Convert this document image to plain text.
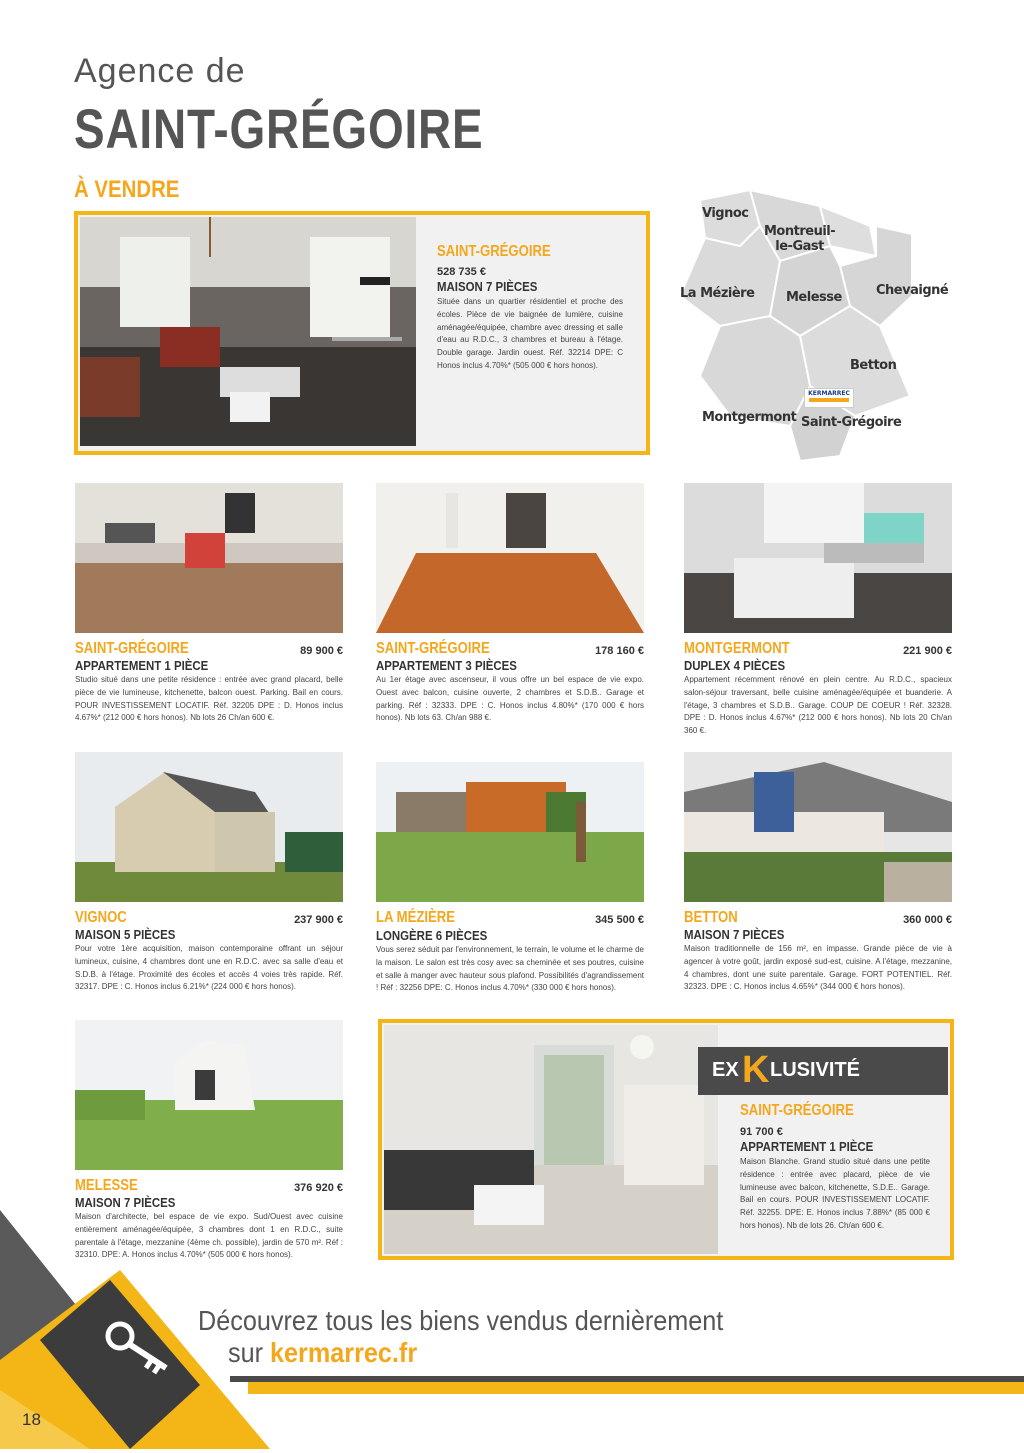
Agence de
SAINT-GRÉGOIRE
À VENDRE
SAINT-GRÉGOIRE
528 735 €
MAISON 7 PIÈCES
Située dans un quartier résidentiel et proche des écoles. Pièce de vie baignée de lumière, cuisine aménagée/équipée, chambre avec dressing et salle d'eau au R.D.C., 3 chambres et bureau à l'étage. Double garage. Jardin ouest. Réf. 32214 DPE: C Honos inclus 4.70%* (505 000 € hors honos).
Vignoc
Montreuil-
le-Gast
La Mézière Melesse	Chevaigné
Betton
Montgermont Saint-Grégoire
KERMARREC
SAINT-GRÉGOIRE	89 900 €
APPARTEMENT 1 PIÈCE
Studio situé dans une petite résidence : entrée avec grand placard, belle pièce de vie lumineuse, kitchenette, balcon ouest. Parking. Bail en cours. POUR INVESTISSEMENT LOCATIF. Réf. 32205 DPE : D. Honos inclus 4.67%* (212 000 € hors honos). Nb lots 26 Ch/an 600 €.
SAINT-GRÉGOIRE	178 160 €
APPARTEMENT 3 PIÈCES
Au 1er étage avec ascenseur, il vous offre un bel espace de vie expo. Ouest avec balcon, cuisine ouverte, 2 chambres et S.D.B.. Garage et parking. Réf : 32333. DPE : C. Honos inclus 4.80%* (170 000 € hors honos). Nb lots 63. Ch/an 988 €.
MONTGERMONT	221 900 €
DUPLEX 4 PIÈCES
Appartement récemment rénové en plein centre. Au R.D.C., spacieux salon-séjour traversant, belle cuisine aménagée/équipée et buanderie. A l'étage, 3 chambres et S.D.B.. Garage. COUP DE COEUR ! Réf. 32328. DPE : D. Honos inclus 4.67%* (212 000 € hors honos). Nb lots 20 Ch/an 360 €.
VIGNOC	237 900 €
MAISON 5 PIÈCES
Pour votre 1ère acquisition, maison contemporaine offrant un séjour lumineux, cuisine, 4 chambres dont une en R.D.C. avec sa salle d'eau et S.D.B. à l'étage. Proximité des écoles et accès 4 voies très rapide. Réf. 32317. DPE : C. Honos inclus 6.21%* (224 000 € hors honos).
LA MÉZIÈRE	345 500 €
LONGÈRE 6 PIÈCES
Vous serez séduit par l'environnement, le terrain, le volume et le charme de la maison. Le salon est très cosy avec sa cheminée et ses poutres, cuisine et salle à manger avec hauteur sous plafond. Possibilités d'agrandissement ! Réf : 32256 DPE: C. Honos inclus 4.70%* (330 000 € hors honos).
BETTON	360 000 €
MAISON 7 PIÈCES
Maison traditionnelle de 156 m², en impasse. Grande pièce de vie à agencer à votre goût, jardin exposé sud-est, cuisine. A l'étage, mezzanine, 4 chambres, dont une suite parentale. Garage. FORT POTENTIEL. Réf. 32323. DPE : C. Honos inclus 4.65%* (344 000 € hors honos).
MELESSE	376 920 €
MAISON 7 PIÈCES
Maison d'architecte, bel espace de vie expo. Sud/Ouest avec cuisine entièrement aménagée/équipée, 3 chambres dont 1 en R.D.C., suite parentale à l'étage, mezzanine (4ème ch. possible), jardin de 570 m². Réf : 32310. DPE: A. Honos inclus 4.70%* (505 000 € hors honos).
EX K LUSIVITÉ
SAINT-GRÉGOIRE
91 700 €
APPARTEMENT 1 PIÈCE
Maison Blanche. Grand studio situé dans une petite résidence : entrée avec placard, pièce de vie lumineuse avec balcon, kitchenette, S.D.E.. Garage. Bail en cours. POUR INVESTISSEMENT LOCATIF. Réf. 32255. DPE: E. Honos inclus 7.88%* (85 000 € hors honos). Nb de lots 26. Ch/an 600 €.
Découvrez tous les biens vendus dernièrement
sur kermarrec.fr
18
